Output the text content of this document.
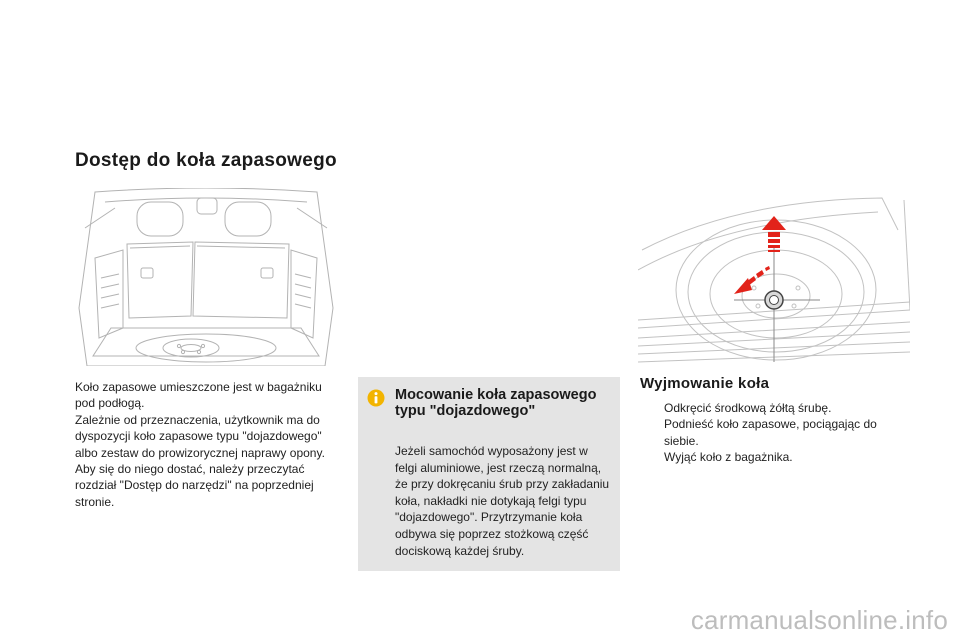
Dostęp do koła zapasowego

Koło zapasowe umieszczone jest w bagażniku pod podłogą.

Zależnie od przeznaczenia, użytkownik ma do dyspozycji koło zapasowe typu "dojazdowego" albo zestaw do prowizorycznej naprawy opony. Aby się do niego dostać, należy przeczytać rozdział "Dostęp do narzędzi" na poprzedniej stronie.

Mocowanie koła zapasowego typu "dojazdowego"

Jeżeli samochód wyposażony jest w felgi aluminiowe, jest rzeczą normalną, że przy dokręcaniu śrub przy zakładaniu koła, nakładki nie dotykają felgi typu "dojazdowego". Przytrzymanie koła odbywa się poprzez stożkową część dociskową każdej śruby.

Wyjmowanie koła
Odkręcić środkową żółtą śrubę.
Podnieść koło zapasowe, pociągając do siebie.
Wyjąć koło z bagażnika.
carmanualsonline.info
